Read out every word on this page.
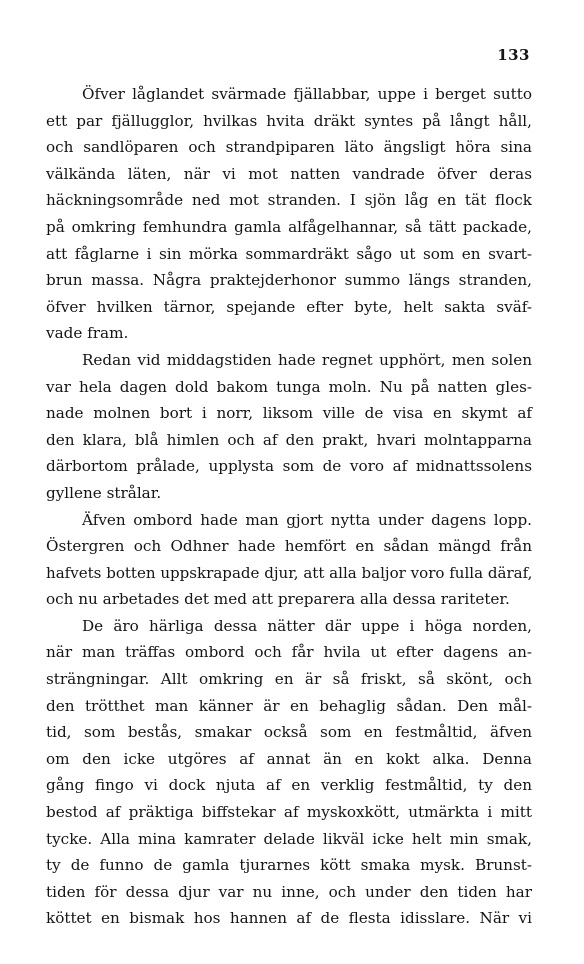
133
Öfver låglandet svärmade fjällabbar, uppe i berget sutto
ett par fjällugglor, hvilkas hvita dräkt syntes på långt håll,
och sandlöparen och strandpiparen läto ängsligt höra sina
välkända läten, när vi mot natten vandrade öfver deras
häckningsområde ned mot stranden. I sjön låg en tät flock
på omkring femhundra gamla alfågelhannar, så tätt packade,
att fåglarne i sin mörka sommardräkt sågo ut som en svart-
brun massa. Några praktejderhonor summo längs stranden,
öfver hvilken tärnor, spejande efter byte, helt sakta sväf-
vade fram.
Redan vid middagstiden hade regnet upphört, men solen
var hela dagen dold bakom tunga moln. Nu på natten gles-
nade molnen bort i norr, liksom ville de visa en skymt af
den klara, blå himlen och af den prakt, hvari molntapparna
därbortom prålade, upplysta som de voro af midnattssolens
gyllene strålar.
Äfven ombord hade man gjort nytta under dagens lopp.
Östergren och Odhner hade hemfört en sådan mängd från
hafvets botten uppskrapade djur, att alla baljor voro fulla däraf,
och nu arbetades det med att preparera alla dessa rariteter.
De äro härliga dessa nätter där uppe i höga norden,
när man träffas ombord och får hvila ut efter dagens an-
strängningar. Allt omkring en är så friskt, så skönt, och
den trötthet man känner är en behaglig sådan. Den mål-
tid, som bestås, smakar också som en festmåltid, äfven
om den icke utgöres af annat än en kokt alka. Denna
gång fingo vi dock njuta af en verklig festmåltid, ty den
bestod af präktiga biffstekar af myskoxkött, utmärkta i mitt
tycke. Alla mina kamrater delade likväl icke helt min smak,
ty de funno de gamla tjurarnes kött smaka mysk. Brunst-
tiden för dessa djur var nu inne, och under den tiden har
köttet en bismak hos hannen af de flesta idisslare. När vi
